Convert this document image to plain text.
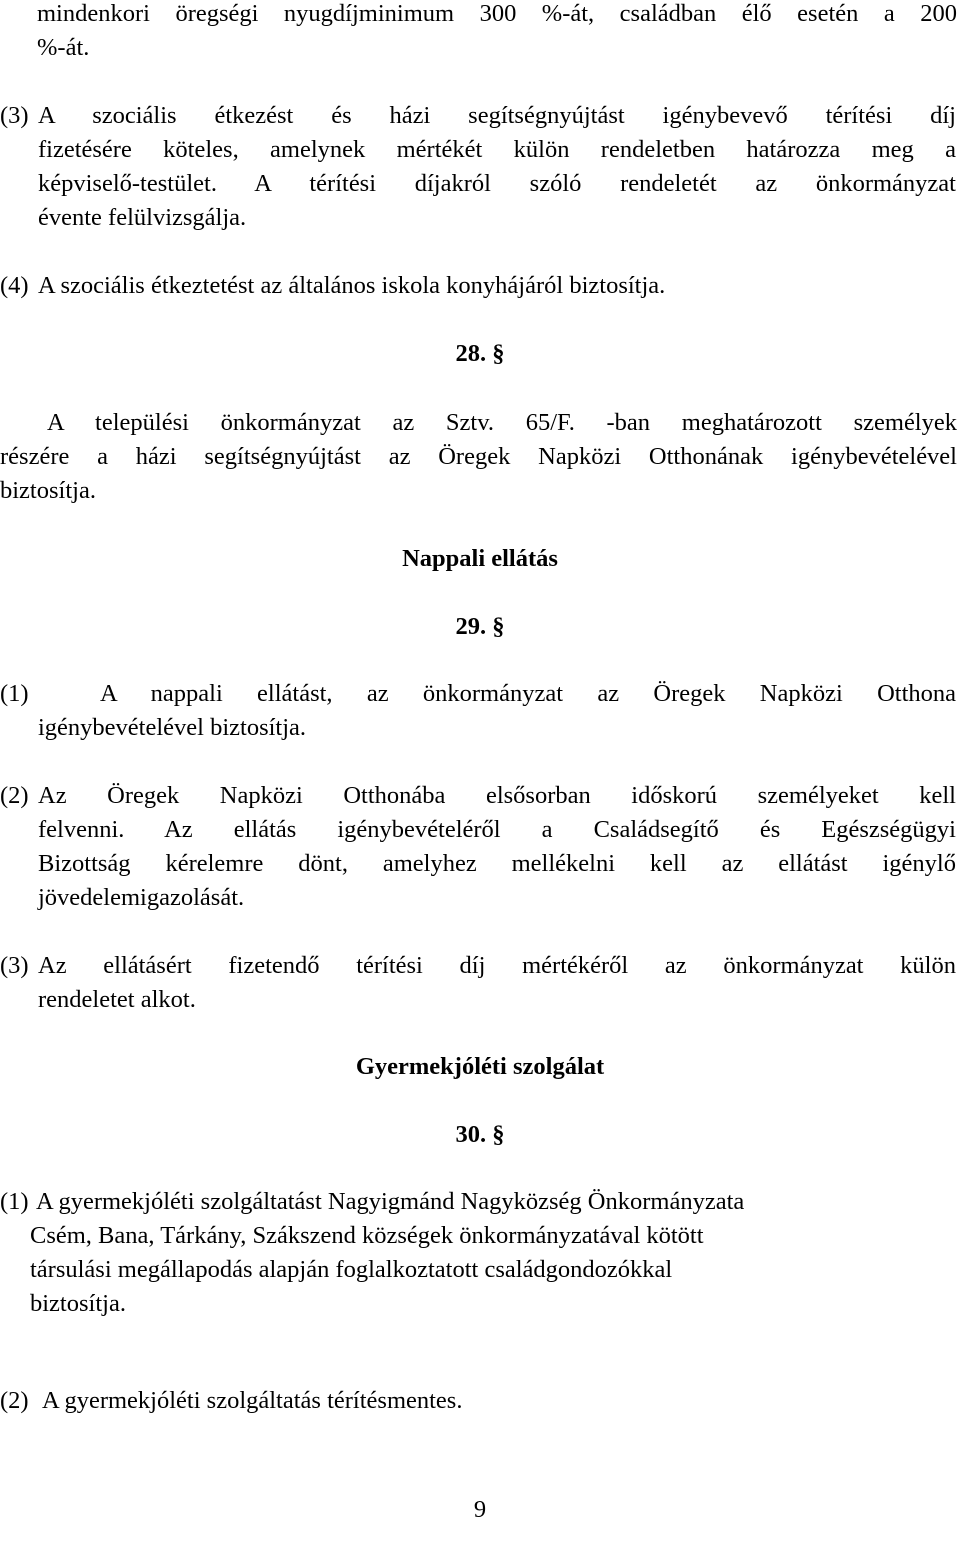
mindenkori öregségi nyugdíjminimum 300 %-át, családban élő esetén a 200
%-át.
(3) A szociális étkezést és házi segítségnyújtást igénybevevő térítési díj
fizetésére köteles, amelynek mértékét külön rendeletben határozza meg a
képviselő-testület. A térítési díjakról szóló rendeletét az önkormányzat
évente felülvizsgálja.
(4) A szociális étkeztetést az általános iskola konyhájáról biztosítja.
28. §
A települési önkormányzat az Sztv. 65/F. -ban meghatározott személyek
részére a házi segítségnyújtást az Öregek Napközi Otthonának igénybevételével
biztosítja.
Nappali ellátás
29. §
(1)	A nappali ellátást, az önkormányzat az Öregek Napközi Otthona
igénybevételével biztosítja.
(2) Az Öregek Napközi Otthonába elsősorban időskorú személyeket kell
felvenni. Az ellátás igénybevételéről a Családsegítő és Egészségügyi
Bizottság kérelemre dönt, amelyhez mellékelni kell az ellátást igénylő
jövedelemigazolását.
(3) Az ellátásért fizetendő térítési díj mértékéről az önkormányzat külön
rendeletet alkot.
Gyermekjóléti szolgálat
30. §
(1) A gyermekjóléti szolgáltatást Nagyigmánd Nagyközség Önkormányzata
Csém, Bana, Tárkány, Szákszend községek önkormányzatával kötött
társulási megállapodás alapján foglalkoztatott családgondozókkal
biztosítja.
(2) A gyermekjóléti szolgáltatás térítésmentes.
9
